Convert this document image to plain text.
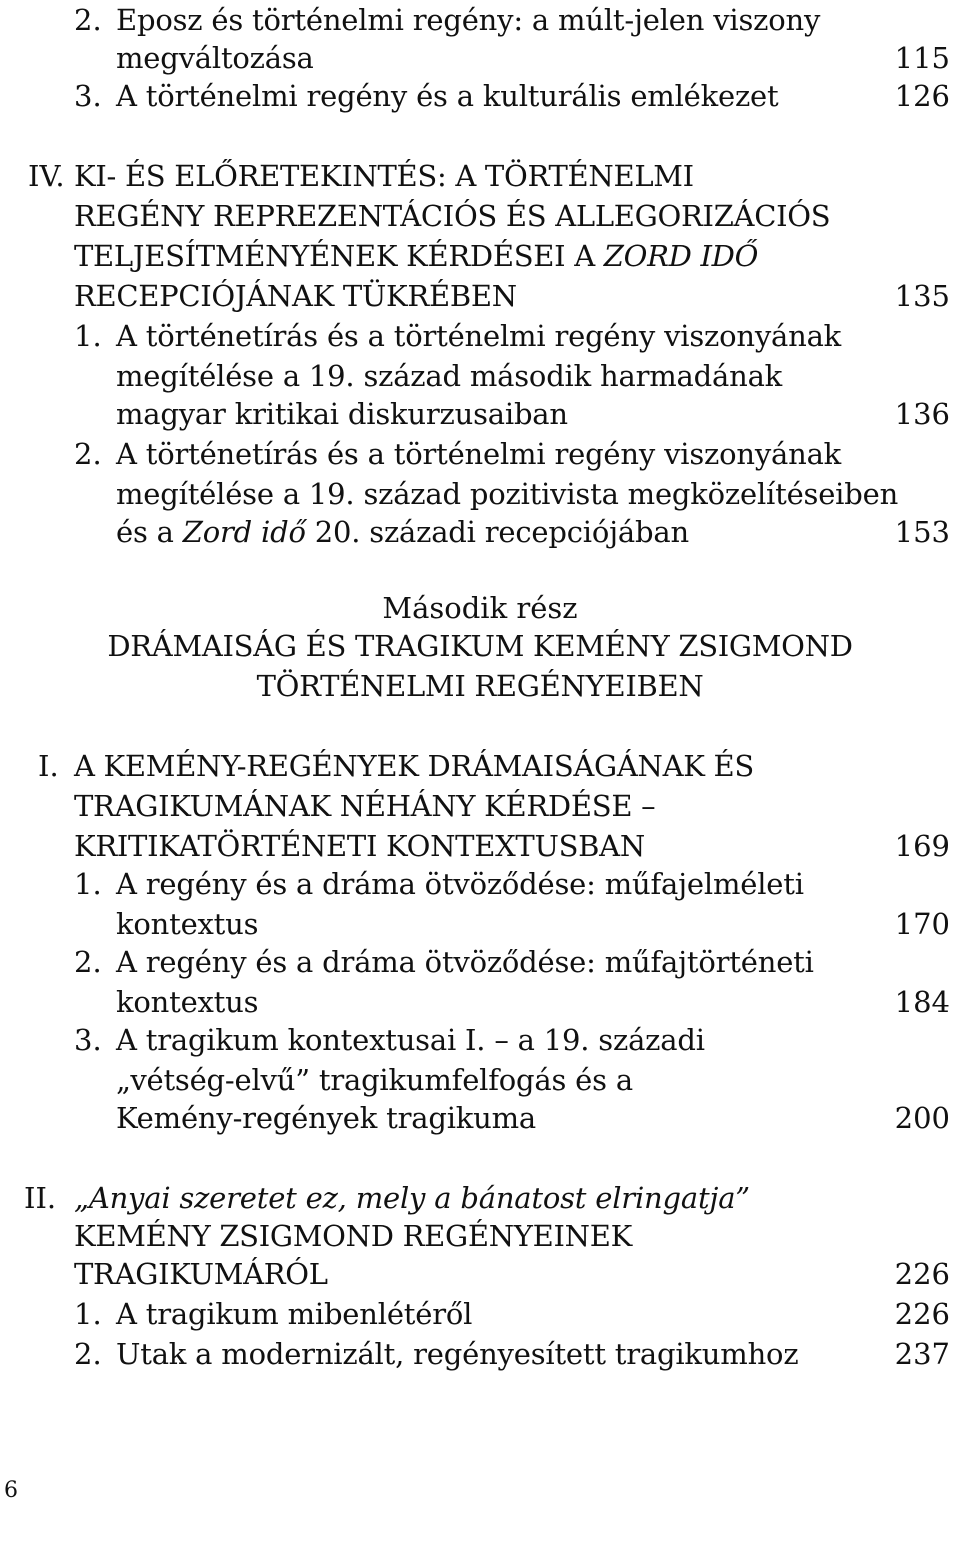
2. Eposz és történelmi regény: a múlt-jelen viszony
megváltozása	115
3. A történelmi regény és a kulturális emlékezet	126
IV. KI- ÉS ELŐRETEKINTÉS: A TÖRTÉNELMI
REGÉNY REPREZENTÁCIÓS ÉS ALLEGORIZÁCIÓS
TELJESÍTMÉNYÉNEK KÉRDÉSEI A ZORD IDŐ
RECEPCIÓJÁNAK TÜKRÉBEN	135
1. A történetírás és a történelmi regény viszonyának
megítélése a 19. század második harmadának
magyar kritikai diskurzusaiban	136
2. A történetírás és a történelmi regény viszonyának
megítélése a 19. század pozitivista megközelítéseiben
és a Zord idő 20. századi recepciójában	153
Második rész
DRÁMAISÁG ÉS TRAGIKUM KEMÉNY ZSIGMOND
TÖRTÉNELMI REGÉNYEIBEN
I. A KEMÉNY-REGÉNYEK DRÁMAISÁGÁNAK ÉS
TRAGIKUMÁNAK NÉHÁNY KÉRDÉSE –
KRITIKATÖRTÉNETI KONTEXTUSBAN	169
1. A regény és a dráma ötvöződése: műfajelméleti
kontextus	170
2. A regény és a dráma ötvöződése: műfajtörténeti
kontextus	184
3. A tragikum kontextusai I. – a 19. századi
„vétség-elvű” tragikumfelfogás és a
Kemény-regények tragikuma	200
II. „Anyai szeretet ez, mely a bánatost elringatja”
KEMÉNY ZSIGMOND REGÉNYEINEK
TRAGIKUMÁRÓL	226
1. A tragikum mibenlétéről	226
2. Utak a modernizált, regényesített tragikumhoz	237
6
